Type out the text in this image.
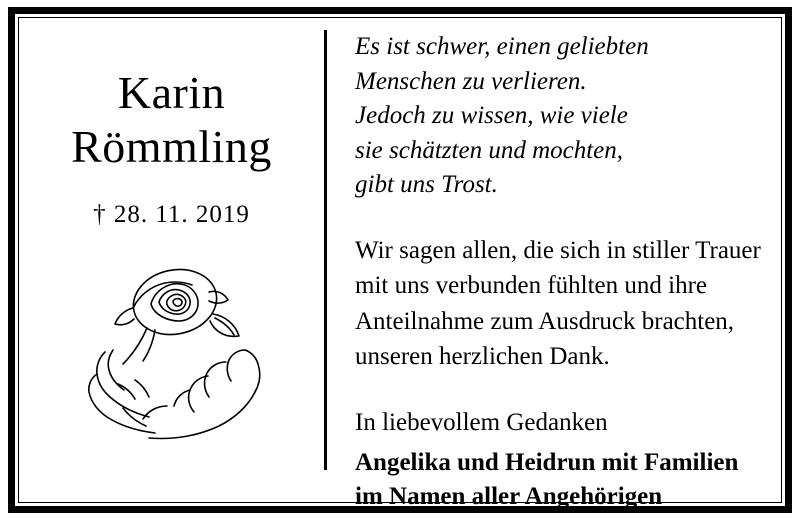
Karin
Römmling
† 28. 11. 2019
Es ist schwer, einen geliebten
Menschen zu verlieren.
Jedoch zu wissen, wie viele
sie schätzten und mochten,
gibt uns Trost.
Wir sagen allen, die sich in stiller Trauer
mit uns verbunden fühlten und ihre
Anteilnahme zum Ausdruck brachten,
unseren herzlichen Dank.
In liebevollem Gedanken
Angelika und Heidrun mit Familien
im Namen aller Angehörigen
